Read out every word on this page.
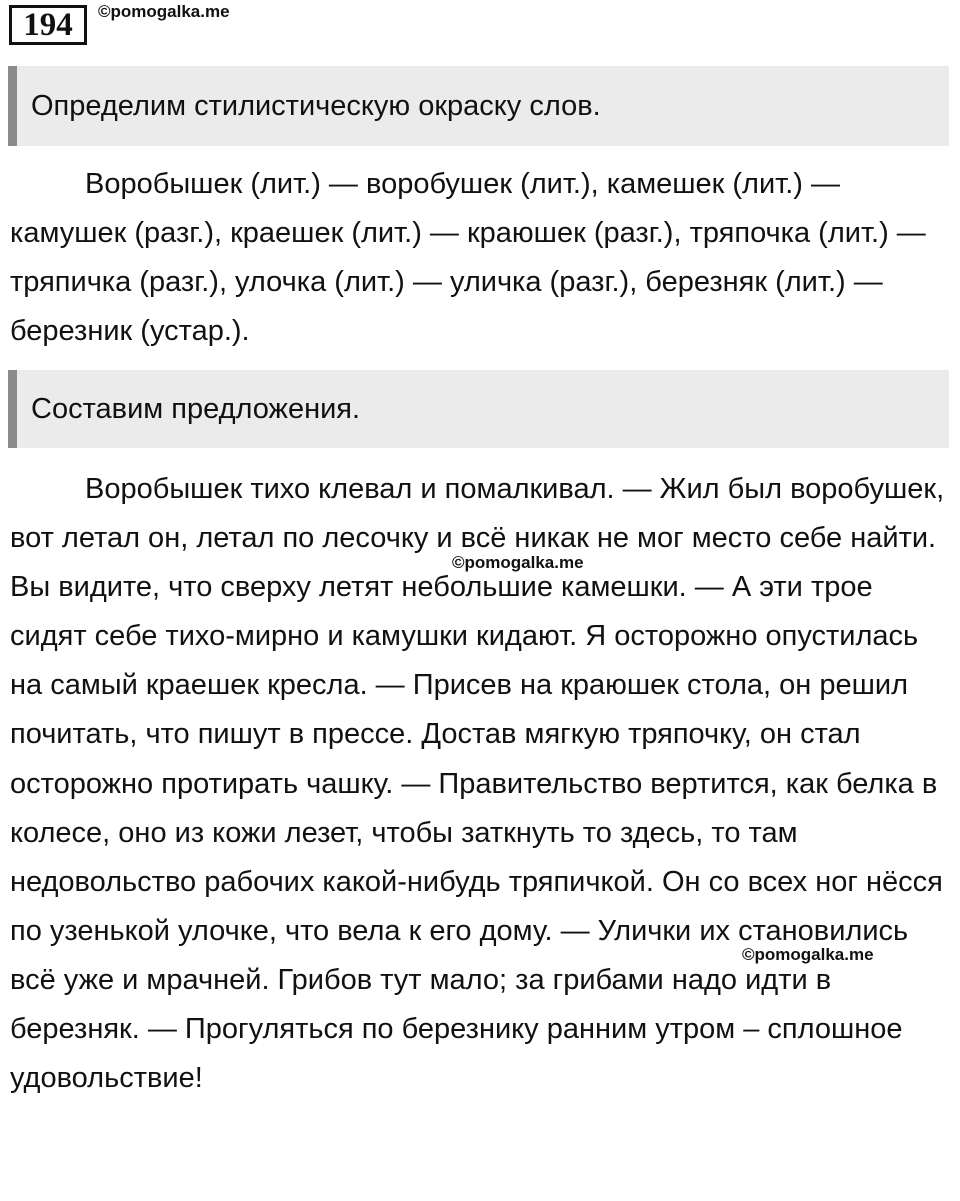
194 ©pomogalka.me
Определим стилистическую окраску слов.

Воробышек (лит.) — воробушек (лит.), камешек (лит.) — камушек (разг.), краешек (лит.) — краюшек (разг.), тряпочка (лит.) — тряпичка (разг.), улочка (лит.) — уличка (разг.), березняк (лит.) — березник (устар.).

Составим предложения.

Воробышек тихо клевал и помалкивал. — Жил был воробушек, вот летал он, летал по лесочку и всё никак не мог место себе найти. Вы видите, что сверху летят небольшие камешки. — А эти трое сидят себе тихо-мирно и камушки кидают. Я осторожно опустилась на самый краешек кресла. — Присев на краюшек стола, он решил почитать, что пишут в прессе. Достав мягкую тряпочку, он стал осторожно протирать чашку. — Правительство вертится, как белка в колесе, оно из кожи лезет, чтобы заткнуть то здесь, то там недовольство рабочих какой-нибудь тряпичкой. Он со всех ног нёсся по узенькой улочке, что вела к его дому. — Улички их становились всё уже и мрачней. Грибов тут мало; за грибами надо идти в березняк. — Прогуляться по березнику ранним утром – сплошное удовольствие!

©pomogalka.me
©pomogalka.me
